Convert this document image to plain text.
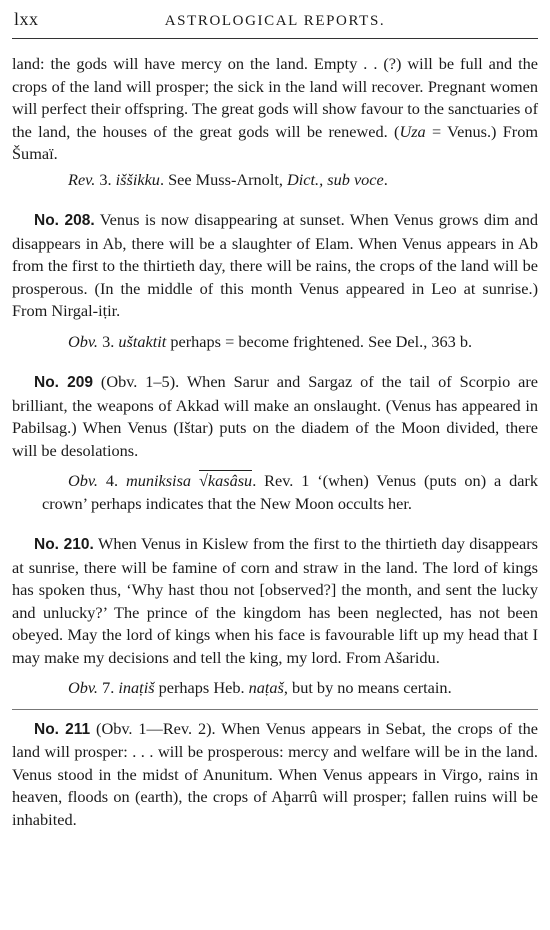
lxx	ASTROLOGICAL REPORTS.

land: the gods will have mercy on the land. Empty . . (?) will be full and the crops of the land will prosper; the sick in the land will recover. Pregnant women will perfect their offspring. The great gods will show favour to the sanctuaries of the land, the houses of the great gods will be renewed. (Uza = Venus.) From Šumaï.

Rev. 3. iššikku. See Muss-Arnolt, Dict., sub voce.

No. 208. Venus is now disappearing at sunset. When Venus grows dim and disappears in Ab, there will be a slaughter of Elam. When Venus appears in Ab from the first to the thirtieth day, there will be rains, the crops of the land will be prosperous. (In the middle of this month Venus appeared in Leo at sunrise.) From Nirgal-iṭir.

Obv. 3. uštaktit perhaps = become frightened. See Del., 363 b.

No. 209 (Obv. 1–5). When Sarur and Sargaz of the tail of Scorpio are brilliant, the weapons of Akkad will make an onslaught. (Venus has appeared in Pabilsag.) When Venus (Ištar) puts on the diadem of the Moon divided, there will be desolations.

Obv. 4. muniksisa √kasâsu. Rev. 1 ‘(when) Venus (puts on) a dark crown’ perhaps indicates that the New Moon occults her.

No. 210. When Venus in Kislew from the first to the thirtieth day disappears at sunrise, there will be famine of corn and straw in the land. The lord of kings has spoken thus, ‘Why hast thou not [observed?] the month, and sent the lucky and unlucky?’ The prince of the kingdom has been neglected, has not been obeyed. May the lord of kings when his face is favourable lift up my head that I may make my decisions and tell the king, my lord. From Ašaridu.

Obv. 7. inaṭiš perhaps Heb. naṭaš, but by no means certain.

No. 211 (Obv. 1—Rev. 2). When Venus appears in Sebat, the crops of the land will prosper: . . . will be prosperous: mercy and welfare will be in the land. Venus stood in the midst of Anunitum. When Venus appears in Virgo, rains in heaven, floods on (earth), the crops of Aḫarrû will prosper; fallen ruins will be inhabited.
